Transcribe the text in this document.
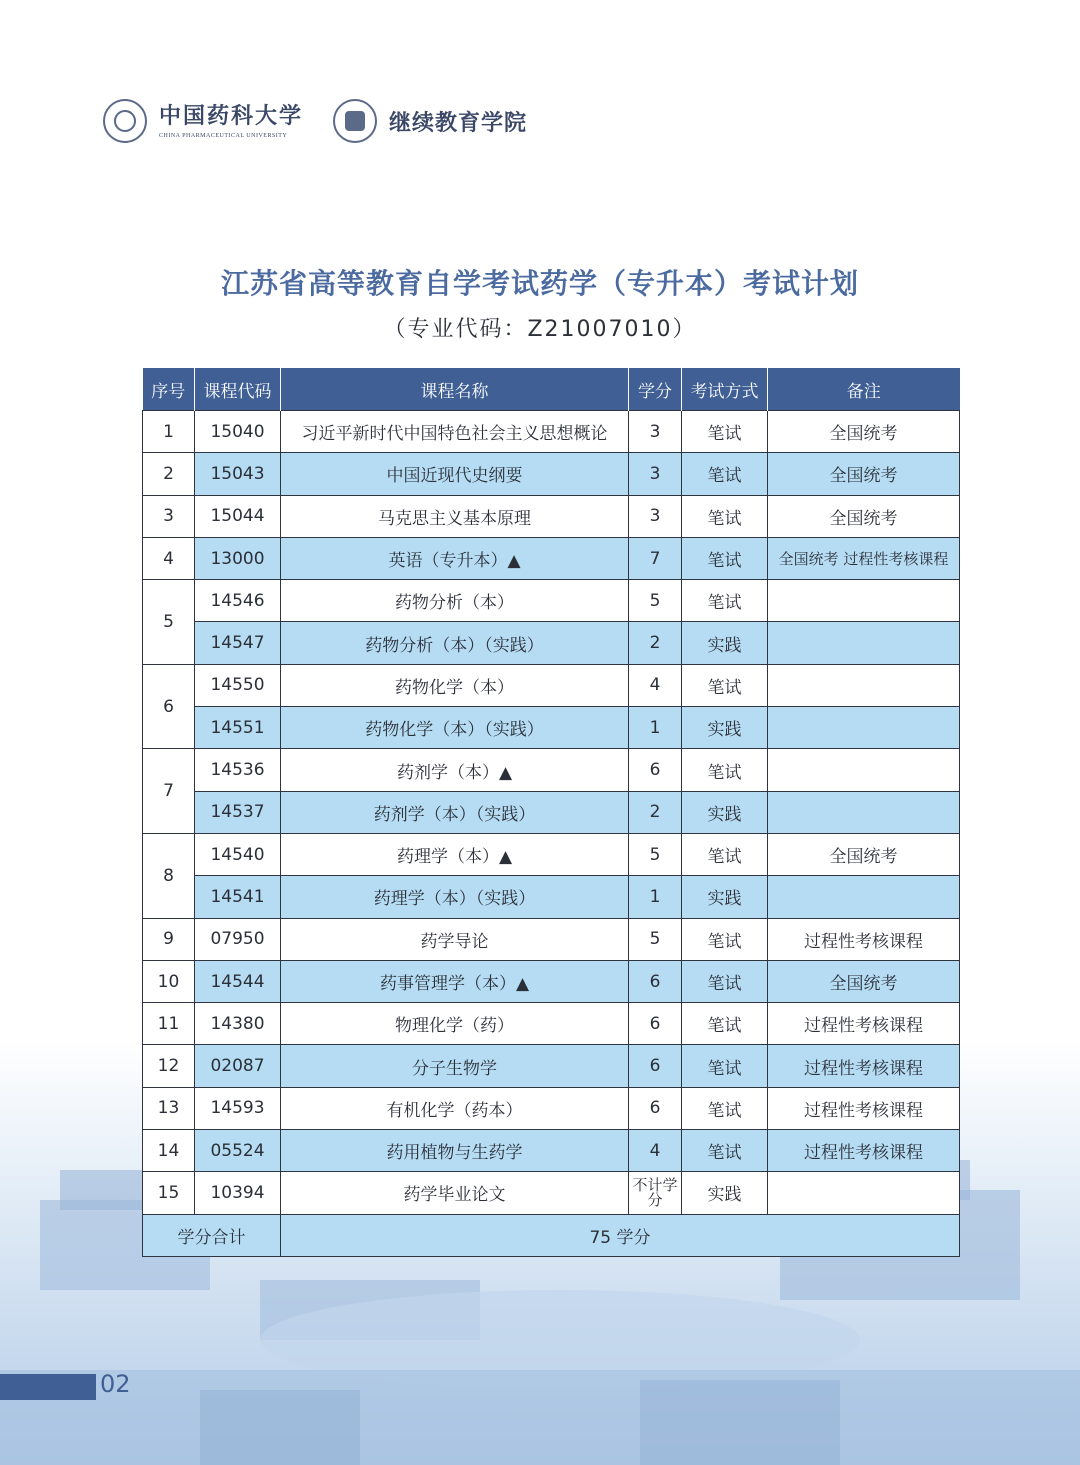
中国药科大学
CHINA PHARMACEUTICAL UNIVERSITY
继续教育学院
江苏省高等教育自学考试药学（专升本）考试计划
（专业代码：Z21007010）
序号	课程代码	课程名称	学分	考试方式	备注
1	15040	习近平新时代中国特色社会主义思想概论	3	笔试	全国统考
2	15043	中国近现代史纲要	3	笔试	全国统考
3	15044	马克思主义基本原理	3	笔试	全国统考
4	13000	英语（专升本）▲	7	笔试	全国统考 过程性考核课程
5	14546	药物分析（本）	5	笔试	
	14547	药物分析（本）（实践）	2	实践	
6	14550	药物化学（本）	4	笔试	
	14551	药物化学（本）（实践）	1	实践	
7	14536	药剂学（本）▲	6	笔试	
	14537	药剂学（本）（实践）	2	实践	
8	14540	药理学（本）▲	5	笔试	全国统考
	14541	药理学（本）（实践）	1	实践	
9	07950	药学导论	5	笔试	过程性考核课程
10	14544	药事管理学（本）▲	6	笔试	全国统考
11	14380	物理化学（药）	6	笔试	过程性考核课程
12	02087	分子生物学	6	笔试	过程性考核课程
13	14593	有机化学（药本）	6	笔试	过程性考核课程
14	05524	药用植物与生药学	4	笔试	过程性考核课程
15	10394	药学毕业论文	不计学分	实践	
学分合计		75 学分			
02
